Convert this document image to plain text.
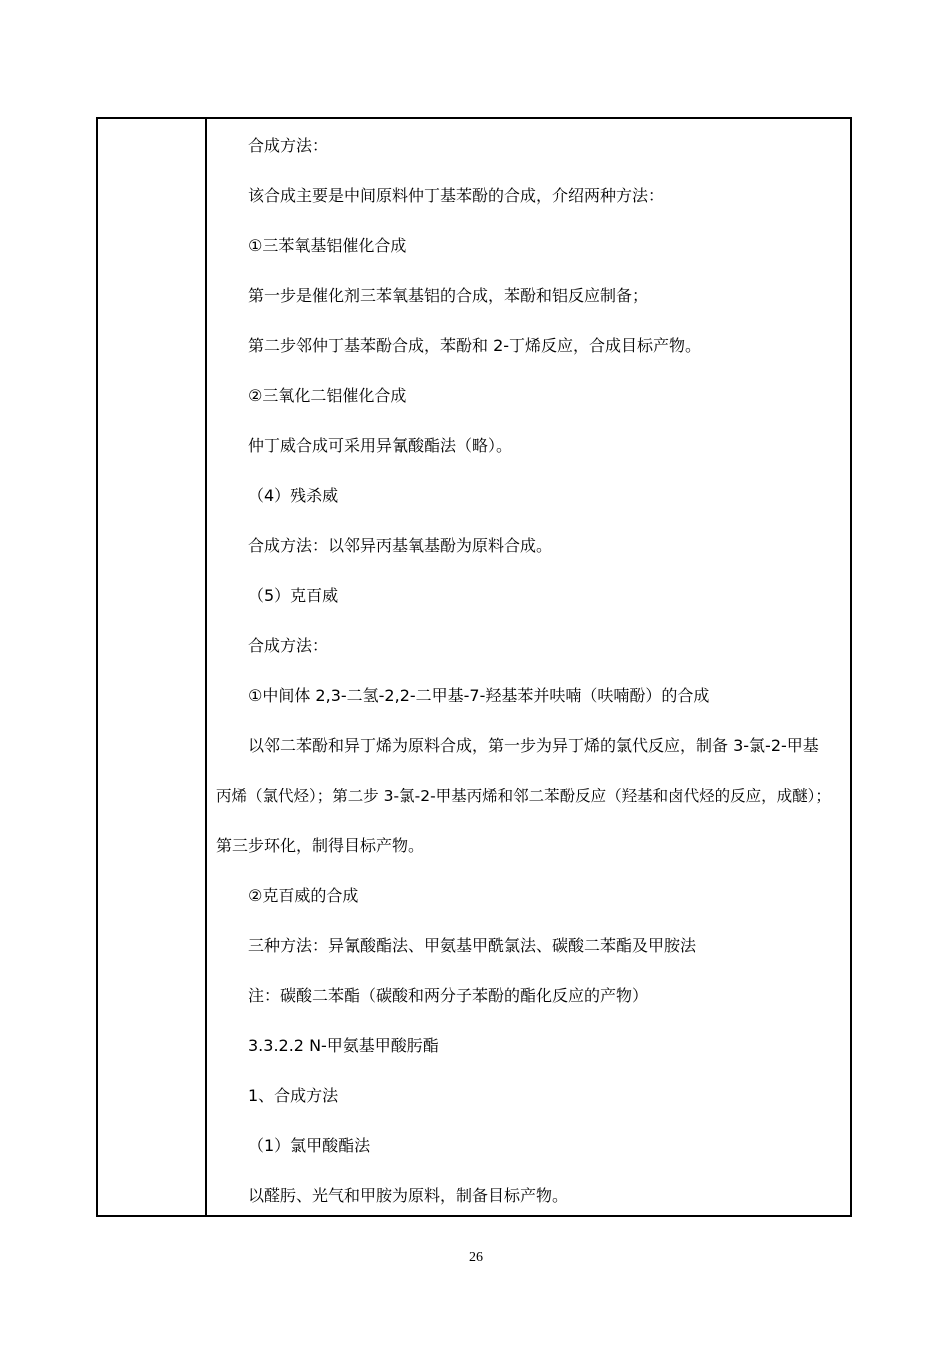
合成方法：
该合成主要是中间原料仲丁基苯酚的合成，介绍两种方法：
①三苯氧基铝催化合成
第一步是催化剂三苯氧基铝的合成，苯酚和铝反应制备；
第二步邻仲丁基苯酚合成，苯酚和 2-丁烯反应，合成目标产物。
②三氧化二铝催化合成
仲丁威合成可采用异氰酸酯法（略）。
（4）残杀威
合成方法：以邻异丙基氧基酚为原料合成。
（5）克百威
合成方法：
①中间体 2,3-二氢-2,2-二甲基-7-羟基苯并呋喃（呋喃酚）的合成
以邻二苯酚和异丁烯为原料合成，第一步为异丁烯的氯代反应，制备 3-氯-2-甲基
丙烯（氯代烃）；第二步 3-氯-2-甲基丙烯和邻二苯酚反应（羟基和卤代烃的反应，成醚）；
第三步环化，制得目标产物。
②克百威的合成
三种方法：异氰酸酯法、甲氨基甲酰氯法、碳酸二苯酯及甲胺法
注：碳酸二苯酯（碳酸和两分子苯酚的酯化反应的产物）
3.3.2.2 N-甲氨基甲酸肟酯
1、合成方法
（1）氯甲酸酯法
以醛肟、光气和甲胺为原料，制备目标产物。
26
